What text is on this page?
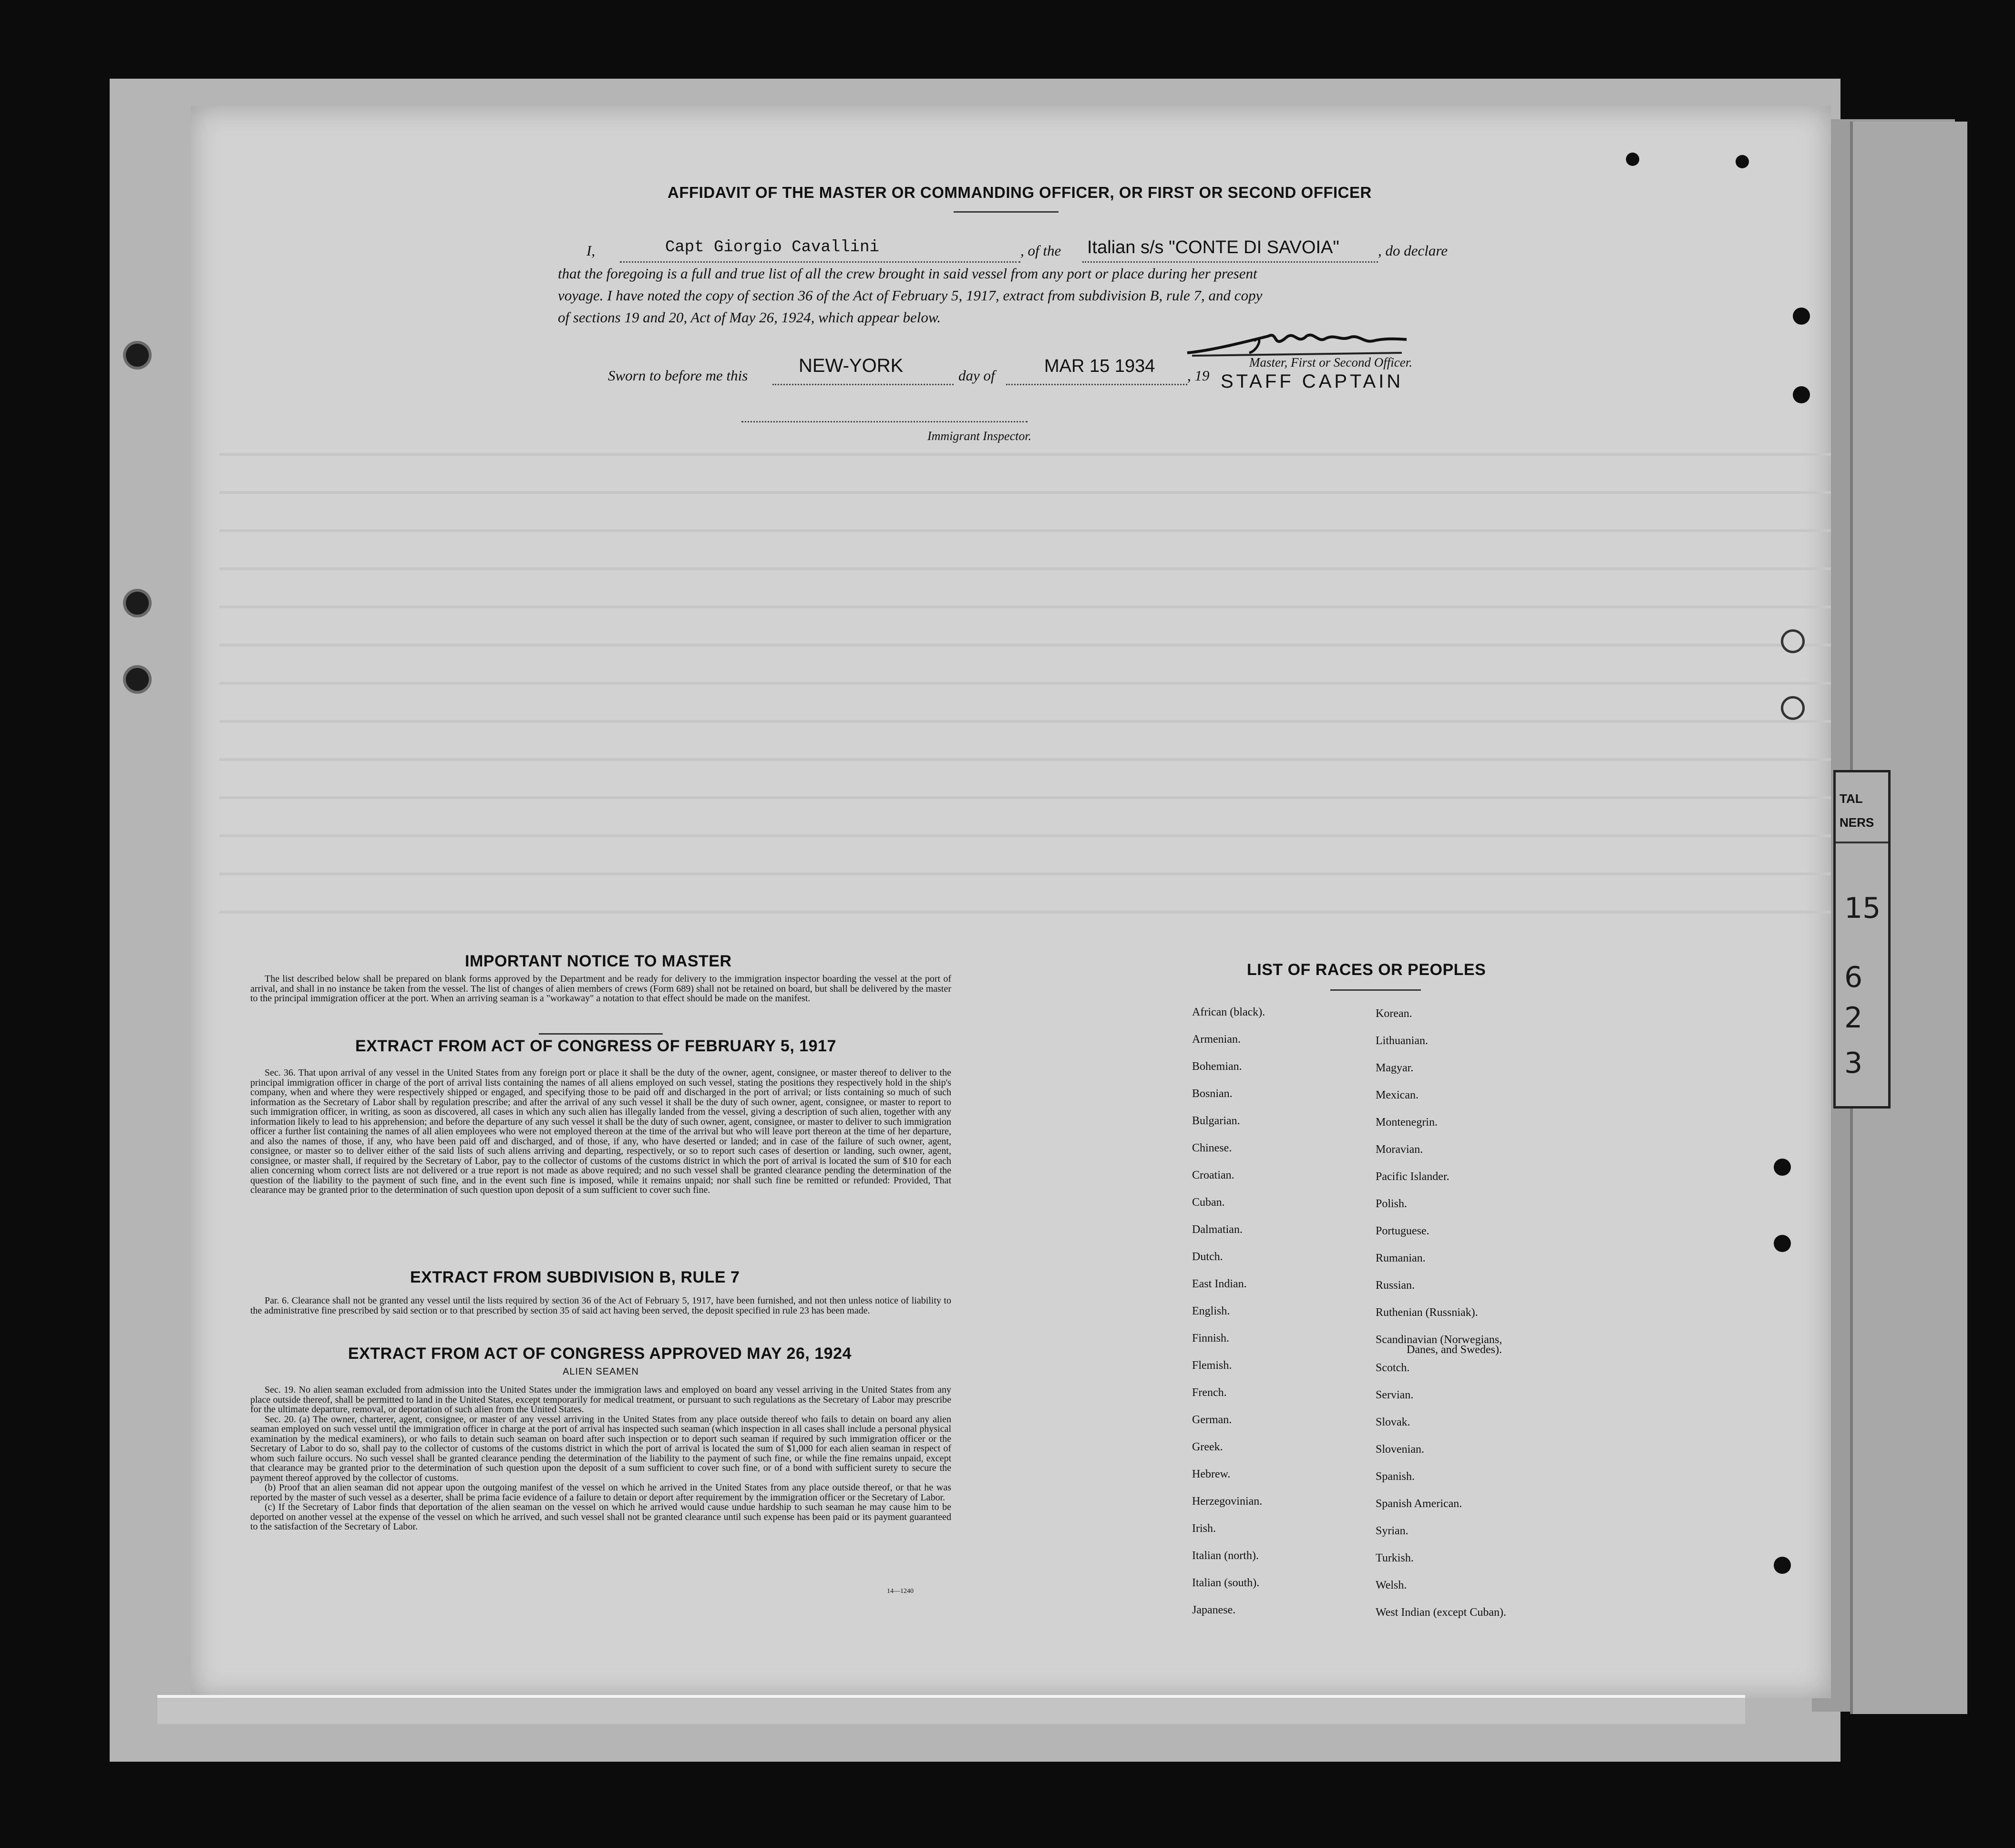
TAL
NERS
15
6
2
3
AFFIDAVIT OF THE MASTER OR COMMANDING OFFICER, OR FIRST OR SECOND OFFICER
I,	Capt Giorgio Cavallini	, of the Italian s/s "CONTE DI SAVOIA"	, do declare
that the foregoing is a full and true list of all the crew brought in said vessel from any port or place during her present
voyage. I have noted the copy of section 36 of the Act of February 5, 1917, extract from subdivision B, rule 7, and copy
of sections 19 and 20, Act of May 26, 1924, which appear below.
Master, First or Second Officer.
Sworn to before me this	NEW-YORK	day of	MAR 15 1934 , 19 STAFF CAPTAIN
Immigrant Inspector.
IMPORTANT NOTICE TO MASTER

The list described below shall be prepared on blank forms approved by the Department and be ready for delivery to the immigration inspector boarding the vessel at the port of arrival, and shall in no instance be taken from the vessel. The list of changes of alien members of crews (Form 689) shall not be retained on board, but shall be delivered by the master to the principal immigration officer at the port. When an arriving seaman is a "workaway" a notation to that effect should be made on the manifest.

EXTRACT FROM ACT OF CONGRESS OF FEBRUARY 5, 1917

Sec. 36. That upon arrival of any vessel in the United States from any foreign port or place it shall be the duty of the owner, agent, consignee, or master thereof to deliver to the principal immigration officer in charge of the port of arrival lists containing the names of all aliens employed on such vessel, stating the positions they respectively hold in the ship's company, when and where they were respectively shipped or engaged, and specifying those to be paid off and discharged in the port of arrival; or lists containing so much of such information as the Secretary of Labor shall by regulation prescribe; and after the arrival of any such vessel it shall be the duty of such owner, agent, consignee, or master to report to such immigration officer, in writing, as soon as discovered, all cases in which any such alien has illegally landed from the vessel, giving a description of such alien, together with any information likely to lead to his apprehension; and before the departure of any such vessel it shall be the duty of such owner, agent, consignee, or master to deliver to such immigration officer a further list containing the names of all alien employees who were not employed thereon at the time of the arrival but who will leave port thereon at the time of her departure, and also the names of those, if any, who have been paid off and discharged, and of those, if any, who have deserted or landed; and in case of the failure of such owner, agent, consignee, or master so to deliver either of the said lists of such aliens arriving and departing, respectively, or so to report such cases of desertion or landing, such owner, agent, consignee, or master shall, if required by the Secretary of Labor, pay to the collector of customs of the customs district in which the port of arrival is located the sum of $10 for each alien concerning whom correct lists are not delivered or a true report is not made as above required; and no such vessel shall be granted clearance pending the determination of the question of the liability to the payment of such fine, and in the event such fine is imposed, while it remains unpaid; nor shall such fine be remitted or refunded: Provided, That clearance may be granted prior to the determination of such question upon deposit of a sum sufficient to cover such fine.

EXTRACT FROM SUBDIVISION B, RULE 7

Par. 6. Clearance shall not be granted any vessel until the lists required by section 36 of the Act of February 5, 1917, have been furnished, and not then unless notice of liability to the administrative fine prescribed by said section or to that prescribed by section 35 of said act having been served, the deposit specified in rule 23 has been made.

EXTRACT FROM ACT OF CONGRESS APPROVED MAY 26, 1924
ALIEN SEAMEN

Sec. 19. No alien seaman excluded from admission into the United States under the immigration laws and employed on board any vessel arriving in the United States from any place outside thereof, shall be permitted to land in the United States, except temporarily for medical treatment, or pursuant to such regulations as the Secretary of Labor may prescribe for the ultimate departure, removal, or deportation of such alien from the United States.

Sec. 20. (a) The owner, charterer, agent, consignee, or master of any vessel arriving in the United States from any place outside thereof who fails to detain on board any alien seaman employed on such vessel until the immigration officer in charge at the port of arrival has inspected such seaman (which inspection in all cases shall include a personal physical examination by the medical examiners), or who fails to detain such seaman on board after such inspection or to deport such seaman if required by such immigration officer or the Secretary of Labor to do so, shall pay to the collector of customs of the customs district in which the port of arrival is located the sum of $1,000 for each alien seaman in respect of whom such failure occurs. No such vessel shall be granted clearance pending the determination of the liability to the payment of such fine, or while the fine remains unpaid, except that clearance may be granted prior to the determination of such question upon the deposit of a sum sufficient to cover such fine, or of a bond with sufficient surety to secure the payment thereof approved by the collector of customs.

(b) Proof that an alien seaman did not appear upon the outgoing manifest of the vessel on which he arrived in the United States from any place outside thereof, or that he was reported by the master of such vessel as a deserter, shall be prima facie evidence of a failure to detain or deport after requirement by the immigration officer or the Secretary of Labor.

(c) If the Secretary of Labor finds that deportation of the alien seaman on the vessel on which he arrived would cause undue hardship to such seaman he may cause him to be deported on another vessel at the expense of the vessel on which he arrived, and such vessel shall not be granted clearance until such expense has been paid or its payment guaranteed to the satisfaction of the Secretary of Labor.

14—1240
LIST OF RACES OR PEOPLES
African (black).
Armenian.
Bohemian.
Bosnian.
Bulgarian.
Chinese.
Croatian.
Cuban.
Dalmatian.
Dutch.
East Indian.
English.
Finnish.
Flemish.
French.
German.
Greek.
Hebrew.
Herzegovinian.
Irish.
Italian (north).
Italian (south).
Japanese.
Korean.
Lithuanian.
Magyar.
Mexican.
Montenegrin.
Moravian.
Pacific Islander.
Polish.
Portuguese.
Rumanian.
Russian.
Ruthenian (Russniak).
Scandinavian (Norwegians,
Danes, and Swedes).
Scotch.
Servian.
Slovak.
Slovenian.
Spanish.
Spanish American.
Syrian.
Turkish.
Welsh.
West Indian (except Cuban).
